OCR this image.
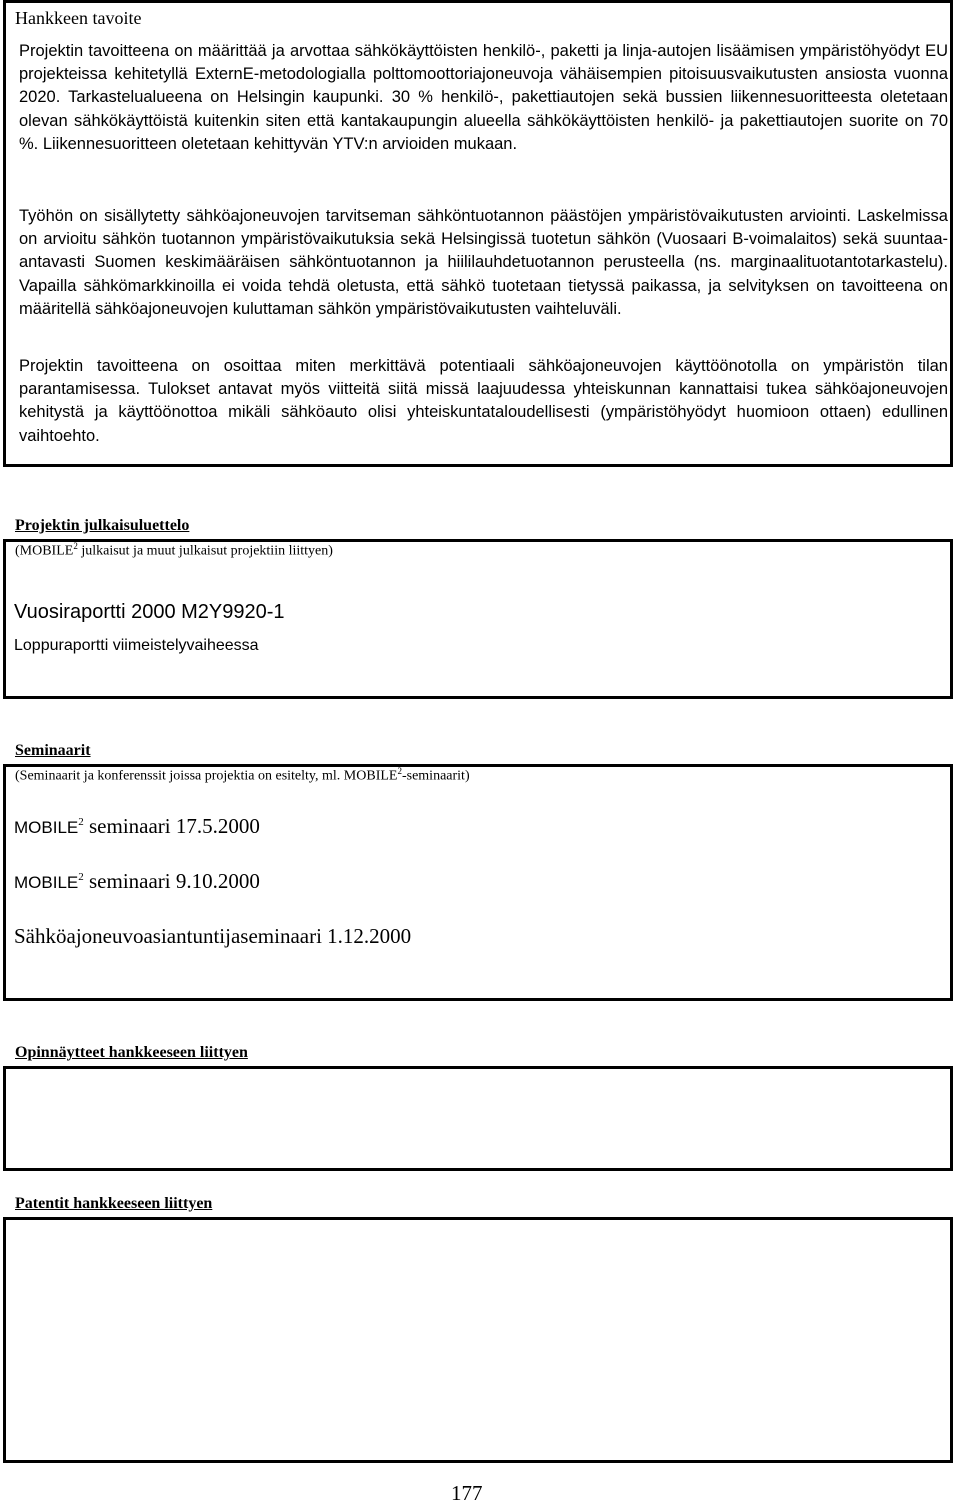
Hankkeen tavoite
Projektin tavoitteena on määrittää ja arvottaa sähkökäyttöisten henkilö-, paketti ja linja-autojen lisäämisen ympäristöhyödyt EU projekteissa kehitetyllä ExternE-metodologialla polttomoottoriajoneuvoja vähäisempien pitoisuusvaikutusten ansiosta vuonna 2020. Tarkastelualueena on Helsingin kaupunki. 30 % henkilö-, pakettiautojen sekä bussien liikennesuoritteesta oletetaan olevan sähkökäyttöistä kuitenkin siten että kantakaupungin alueella sähkökäyttöisten henkilö- ja pakettiautojen suorite on 70 %. Liikennesuoritteen oletetaan kehittyvän YTV:n arvioiden mukaan.
Työhön on sisällytetty sähköajoneuvojen tarvitseman sähköntuotannon päästöjen ympäristövaikutusten arviointi. Laskelmissa on arvioitu sähkön tuotannon ympäristövaikutuksia sekä Helsingissä tuotetun sähkön (Vuosaari B-voimalaitos) sekä suuntaa-antavasti Suomen keskimääräisen sähköntuotannon ja hiililauhdetuotannon perusteella (ns. marginaalituotantotarkastelu). Vapailla sähkömarkkinoilla ei voida tehdä oletusta, että sähkö tuotetaan tietyssä paikassa, ja selvityksen on tavoitteena on määritellä sähköajoneuvojen kuluttaman sähkön ympäristövaikutusten vaihteluväli.
Projektin tavoitteena on osoittaa miten merkittävä potentiaali sähköajoneuvojen käyttöönotolla on ympäristön tilan parantamisessa. Tulokset antavat myös viitteitä siitä missä laajuudessa yhteiskunnan kannattaisi tukea sähköajoneuvojen kehitystä ja käyttöönottoa mikäli sähköauto olisi yhteiskuntataloudellisesti (ympäristöhyödyt huomioon ottaen) edullinen vaihtoehto.
Projektin julkaisuluettelo
(MOBILE$^2$ julkaisut ja muut julkaisut projektiin liittyen)
Vuosiraportti 2000 M2Y9920-1
Loppuraportti viimeistelyvaiheessa
Seminaarit
(Seminaarit ja konferenssit joissa projektia on esitelty, ml. MOBILE$^2$-seminaarit)
MOBILE$^2$ seminaari 17.5.2000
MOBILE$^2$ seminaari 9.10.2000
Sähköajoneuvoasiantuntijaseminaari 1.12.2000
Opinnäytteet hankkeeseen liittyen
Patentit hankkeeseen liittyen
177
